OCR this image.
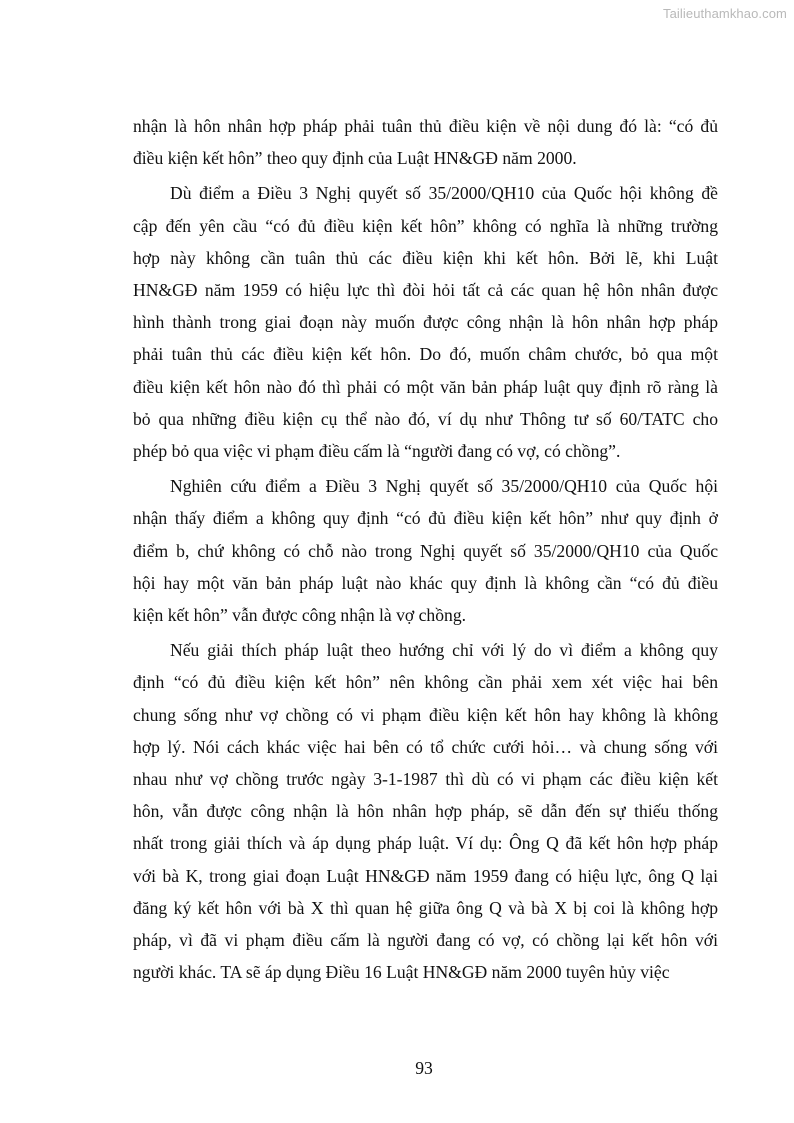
Tailieuthamkhao.com

nhận là hôn nhân hợp pháp phải tuân thủ điều kiện về nội dung đó là: “có đủ
điều kiện kết hôn” theo quy định của Luật HN&GĐ năm 2000.

Dù điểm a Điều 3 Nghị quyết số 35/2000/QH10 của Quốc hội không đề
cập đến yên cầu “có đủ điều kiện kết hôn” không có nghĩa là những trường
hợp này không cần tuân thủ các điều kiện khi kết hôn. Bởi lẽ, khi Luật
HN&GĐ năm 1959 có hiệu lực thì đòi hỏi tất cả các quan hệ hôn nhân được
hình thành trong giai đoạn này muốn được công nhận là hôn nhân hợp pháp
phải tuân thủ các điều kiện kết hôn. Do đó, muốn châm chước, bỏ qua một
điều kiện kết hôn nào đó thì phải có một văn bản pháp luật quy định rõ ràng là
bỏ qua những điều kiện cụ thể nào đó, ví dụ như Thông tư số 60/TATC cho
phép bỏ qua việc vi phạm điều cấm là “người đang có vợ, có chồng”.

Nghiên cứu điểm a Điều 3 Nghị quyết số 35/2000/QH10 của Quốc hội
nhận thấy điểm a không quy định “có đủ điều kiện kết hôn” như quy định ở
điểm b, chứ không có chỗ nào trong Nghị quyết số 35/2000/QH10 của Quốc
hội hay một văn bản pháp luật nào khác quy định là không cần “có đủ điều
kiện kết hôn” vẫn được công nhận là vợ chồng.

Nếu giải thích pháp luật theo hướng chỉ với lý do vì điểm a không quy
định “có đủ điều kiện kết hôn” nên không cần phải xem xét việc hai bên
chung sống như vợ chồng có vi phạm điều kiện kết hôn hay không là không
hợp lý. Nói cách khác việc hai bên có tổ chức cưới hỏi… và chung sống với
nhau như vợ chồng trước ngày 3-1-1987 thì dù có vi phạm các điều kiện kết
hôn, vẫn được công nhận là hôn nhân hợp pháp, sẽ dẫn đến sự thiếu thống
nhất trong giải thích và áp dụng pháp luật. Ví dụ: Ông Q đã kết hôn hợp pháp
với bà K, trong giai đoạn Luật HN&GĐ năm 1959 đang có hiệu lực, ông Q lại
đăng ký kết hôn với bà X thì quan hệ giữa ông Q và bà X bị coi là không hợp
pháp, vì đã vi phạm điều cấm là người đang có vợ, có chồng lại kết hôn với
người khác. TA sẽ áp dụng Điều 16 Luật HN&GĐ năm 2000 tuyên hủy việc

93
